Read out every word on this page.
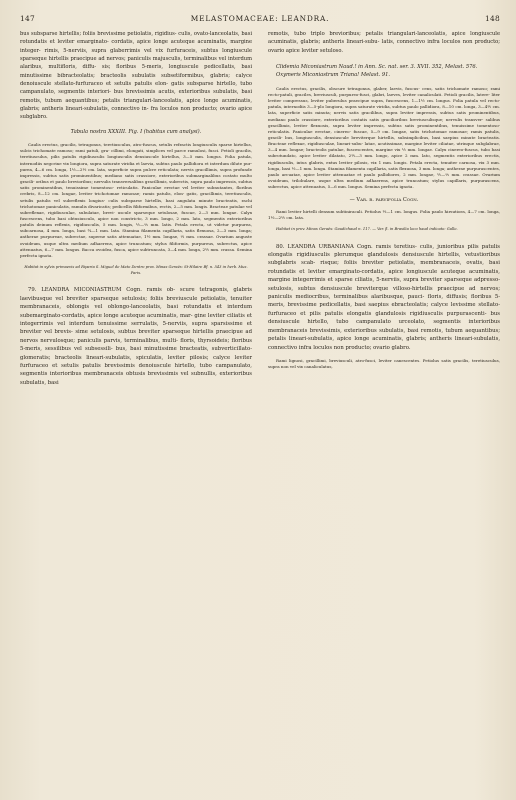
147	MELASTOMACEAE: LEANDRA.	148

bus subsparse hirtellis; foliis brevissime petiolatis, rigidius- culis, ovato-lanceolatis, basi rotundatis et leviter emarginato- cordatis, apice longe acuteque acuminatis, margine integer- rimis, 5-nerviis, supra glaberrimis vel vix furfuraceis, subtus longiuscule sparseque hirtellis praecipue ad nervos; paniculis majusculis, terminalibus vel interdum alaribus, multifloris, diffu- sis; floribus 5-meris, longiuscule pedicellatis, basi minutissime bibracteolatis; bracteolis subulatis subsetiformibus, glabris; calyce denoiuscule stellato-furfuraceo et setulis patulis elon- gatis subsparse hirtello, tubo campanulato, segmentis interiori- bus brevissimis acutis, exterioribus subulatis, basi remotis, tubum aequantibus; petalis triangulari-lanceolatis, apice longe acuminatis, glabris; antheris lineari-subulatis, connectivo in- fra loculos non producto; ovario apice subglabro.

Tabula nostra XXXIII. Fig. I (habitus cum analysi).

Caulis erectus, gracilis, tetragonus, teretiusculus, atro-fuscus, setulis refractis longiusculis sparse hirtellus, sulcis trichomate ramoso; rami patuli, gra- cillimi, elongati, simplices vel parce ramulosi, fusci. Petioli gracilis, teretiusculus, pilis patulis rigidiusculis longiusculis densiuscule hirtellus, 3—5 mm. longus. Folia patula, internodiis negcrine vix longiora, supra saturate viridia et laevia, subtus paulo pallidiora et interdum dilute pur- purea, 4—6 cm. longa, 1½—2½ cm. lata, superficie supra pulcre reticulata; nervis gracillimis, supra profunde impressis, subtus satis prominentibus; mediano satis crassiore, exterioribus submarginalibus costato multo gracili- oribus et paulo brevioribus; nervulis transversalibus gracillimis, subrectis, supra paulo impressis, subtus satis prominentibus, tenuissime tomentoso- reticulatis. Paniculae erectae vel leviter subnutantes, floribus crebris, 8—12 cm. longae, leviter trichotomae ramosae; ramis patulis, elon- gatis, gracillimis, teretiusculis, setulis patulis vel subreflexis longius- culis subsparse hirtellis, basi angulata minute bracteatis, rachi trichotomae paniculatis, ramulis divaricatis; pedicellis filiformibus, rectis, 2—5 mm. longis. Bracteae patulae vel subreflexae, rigidiusculae, subulatae, brevi- uscule sparseque setulosae, fuscae, 2—3 mm. longae. Calyx fuscescens, tubo basi obtusiusculo, apice non constricto, 3 mm. longo, 2 mm. lato, segmentis exterioribus patulis deinum reflexis, rigidiusculis, 5 mm. longis, ½—⅔ mm. latis. Petala erecta, ut videtur purpurea, subcarnosa, 4 mm. longa, basi ¾—1 mm. lata. Stamina filamenta capillaria, satis flexuosa, 2—3 mm. longa; antherae purpureae, subrectae, superne satis attenuatae, 1½ mm. longae, ⅓ mm. crassae. Ovarium anguste ovoideum, usque ultra medium adhaerens, apice truncatum; stylus filiformis, purpureus, subrectus, apice attenuatus, 6—7 mm. longus. Bacca ovoidea, fusca, apice subtruncata, 3—4 mm. longa, 2½ mm. crassa. Semina perfecta ignota.

Habitat in sylvis primaevis ad Riparia S. Miguel de Mato Dentro prov. Minas Geraës: St-Hilaire Bf. n. 543 in herb. Mus. Paris.

79. LEANDRA MICONIASTRUM Cogn. ramis ob- scure tetragonis, glabris laevibusque vel breviter sparseque setulosis; foliis breviuscule petiolatis, tenuiter membranaceis, oblongis vel oblongo-lanceolatis, basi rotundatis et interdum subemarginato-cordatis, apice longe acuteque acuminatis, mar- gine leviter ciliatis et integerrimis vel interdum tenuissime serrulatis, 5-nerviis, supra sparsissime et breviter vel brevis- sime setulosis, subtus breviter sparseque hirtellis praecipue ad nervos nervulosque; paniculis parvis, terminalibus, multi- floris, thyrsoideis; floribus 5-meris, sessilibus vel subsessili- bus, basi minutissime bracteatis, subverticillato-glomeratis; bracteolis lineari-subulatis, spiculatis, leviter pilosis; calyce leviter furfuraceo et setulis patulis brevissimis denoiuscule hirtello, tubo campanulato, segmentis interioribus membranaceis obtusis brevissimis vel subnullis, exterioribus subulatis, basi

remotis, tubo triplo brevioribus; petalis triangulari-lanceolatis, apice longiuscule acuminatis, glabris; antheris lineari-subu- latis, connectivo infra loculos non producto; ovario apice leviter setuloso.

Clidemia Miconiastrum Naud.! in Ann. Sc. nat. ser. 3. XVII. 352, Melast. 576.

Oxymeris Miconiastrum Triana! Melast. 91.

Caulis erectus, gracilis, obscure tetragonus, glaber, laevis, fuscus- cens, satis trichomate ramoso; rami recto-patuli, graciles, breviusculi, purpureo-fusci, glabri, laeves, leviter canaliculati. Petioli gracilis, latere- liter leviter compressus, leviter puberulus praecipue supra, fuscescens, 1—1½ cm. longus. Folia patula vel recto-patula, internodiis 3—5-plo longiora, supra saturate viridia, subtus paulo pallidiora, 8—10 cm. longa, 3—4½ cm. lata, superficie satis minuta; nervis satis gracilibus, supra leviter impressis, subtus satis prominentibus, mediano paulo crassiore, exterioribus costatis satis gracilioribus breviusculisque; nervulis transver- salibus gracillimis, leviter flexuosis, supra leviter impressis, subtus satis prominentibus, tenuissime tomentoso-reticulatis. Paniculae erectae, cinereo- fuscae, 5—9 cm. longae, satis trichotomae ramosae; ramis patulis, gracili- bus, longiusculis, densiuscule breviterque hirtellis, subsimplicibus, basi saepius minute bracteatis. Bracteae reflexae, rigidiusculae, lineari-subu- latae, acutissimae, margine leviter ciliatae, utrinque subglabrae, 3—4 mm. longae; bracteolis patulae, fuscescentes, margine vix ½ mm. longae. Calyx cinereo-fuscus, tubo basi subrotundato, apice leviter dilatato, 2½—3 mm. longo, apice 2 mm. lato, segmentis exterioribus erectis, rigidiusculis, intus glabris, extus leviter pilosis, vix 1 mm. longis. Petala erecta, tenuiter carnosa, vix 3 mm. longa, basi ½—1 mm. longa. Stamina filamenta capillaria, satis flexuosa, 3 mm. longa; antherae purpurascentes, paulo arcuatae, apice leviter attenuatae et paulo pallidiores, 2 mm. longae, ½—⅔ mm. crassae. Ovarium ovoideum, trilobulare, usque ultra medium adhaerens, apice truncatum; stylus capillaris, purpurascens, subrectus, apice attenuatus, 5—6 mm. longus. Semina perfecta ignota.

— Var. β. parvifolia Cogn.

Rami leviter hirtelli densum subtiniracali. Petiolus ½—1 cm. longus. Folia paulo hirsutiora, 4—7 cm. longa, 1½—2½ cm. lata.

Habitat in prov. Minas Geraës: Gaudichaud n. 117. — Var. β. in Brasilia loco haud indicato: Gallo.

80. LEANDRA URBANIANA Cogn. ramis teretius- culis, junioribus pilis patulis elongatis rigidiusculis plerumque glandulosis densiuscule hirtellis, vetustioribus subglabris scab- risque; foliis breviter petiolatis, membranaceis, ovatis, basi rotundatis et leviter emarginato-cordatis, apice longiuscule acuteque acuminatis, margine integerrimis et sparse ciliatis, 5-nerviis, supra breviter sparseque adpresso-setulosis, subtus densiuscule breviterque villoso-hirtellis praecipue ad nervos; paniculis mediocribus, terminalibus alaribusque, pauci- floris, diffusis; floribus 5-meris, brevissime pedicellatis, basi saepius ebracteolatis; calyce levissime stellato-furfuraceo et pilis patulis elongatis glandulosis rigidiusculis purpurascenti- bus densiuscule hirtello, tubo campanulato urceolato, segmentis interioribus membranaceis brevissimis, exterioribus subulatis, basi remotis, tubum aequantibus; petalis lineari-subulatis, apice longe acuminatis, glabris; antheris lineari-subulatis, connectivo infra loculos non producto; ovario glabro.

Rami lignosi, gracillimi, breviusculi, atro-fusci, leviter canescentes. Petiolus satis gracilis, teretiusculus, supra non vel vix canaliculatus,
